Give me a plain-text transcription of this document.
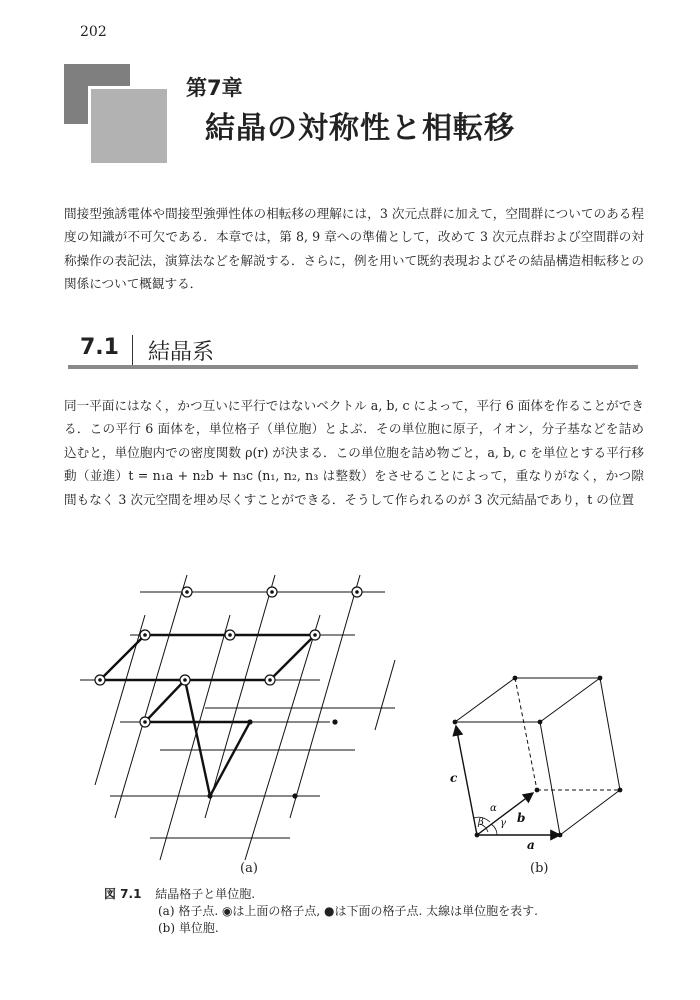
202
第7章
結晶の対称性と相転移

間接型強誘電体や間接型強弾性体の相転移の理解には，3 次元点群に加えて，空間群についてのある程度の知識が不可欠である．本章では，第 8, 9 章への準備として，改めて 3 次元点群および空間群の対称操作の表記法，演算法などを解説する．さらに，例を用いて既約表現およびその結晶構造相転移との関係について概観する．

7.1 結晶系

同一平面にはなく，かつ互いに平行ではないベクトル a, b, c によって，平行 6 面体を作ることができる．この平行 6 面体を，単位格子（単位胞）とよぶ．その単位胞に原子，イオン，分子基などを詰め込むと，単位胞内での密度関数 ρ(r) が決まる．この単位胞を詰め物ごと，a, b, c を単位とする平行移動（並進）t = n₁a + n₂b + n₃c (n₁, n₂, n₃ は整数）をさせることによって，重なりがなく，かつ隙間もなく 3 次元空間を埋め尽くすことができる．そうして作られるのが 3 次元結晶であり，t の位置

(a)
c
b
a
α
β γ
(b)
図 7.1 結晶格子と単位胞.
(a) 格子点. ◉は上面の格子点, ●は下面の格子点. 太線は単位胞を表す.
(b) 単位胞.
